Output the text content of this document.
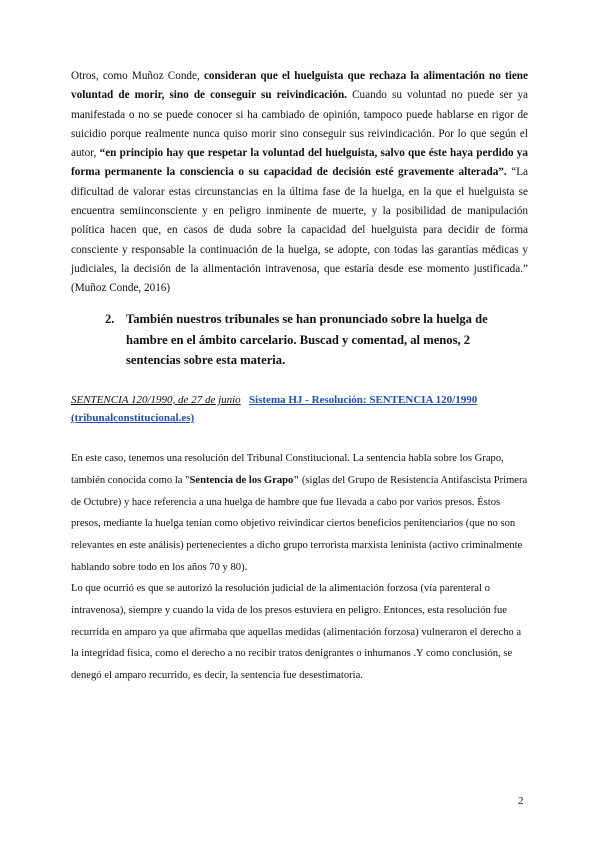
Otros, como Muñoz Conde, consideran que el huelguista que rechaza la alimentación no tiene voluntad de morir, sino de conseguir su reivindicación. Cuando su voluntad no puede ser ya manifestada o no se puede conocer si ha cambiado de opinión, tampoco puede hablarse en rigor de suicidio porque realmente nunca quiso morir sino conseguir sus reivindicación. Por lo que según el autor, “en principio hay que respetar la voluntad del huelguista, salvo que éste haya perdido ya forma permanente la consciencia o su capacidad de decisión esté gravemente alterada”. “La dificultad de valorar estas circunstancias en la última fase de la huelga, en la que el huelguista se encuentra semiinconsciente y en peligro inminente de muerte, y la posibilidad de manipulación política hacen que, en casos de duda sobre la capacidad del huelguista para decidir de forma consciente y responsable la continuación de la huelga, se adopte, con todas las garantías médicas y judiciales, la decisión de la alimentación intravenosa, que estaría desde ese momento justificada.” (Muñoz Conde, 2016)

2. También nuestros tribunales se han pronunciado sobre la huelga de hambre en el ámbito carcelario. Buscad y comentad, al menos, 2 sentencias sobre esta materia.

SENTENCIA 120/1990, de 27 de junio Sistema HJ - Resolución: SENTENCIA 120/1990 (tribunalconstitucional.es)

En este caso, tenemos una resolución del Tribunal Constitucional. La sentencia habla sobre los Grapo, también conocida como la "Sentencia de los Grapo" (siglas del Grupo de Resistencia Antifascista Primera de Octubre) y hace referencia a una huelga de hambre que fue llevada a cabo por varios presos. Éstos presos, mediante la huelga tenían como objetivo reivindicar ciertos beneficios penitenciarios (que no son relevantes en este análisis) pertenecientes a dicho grupo terrorista marxista leninista (activo criminalmente hablando sobre todo en los años 70 y 80).

Lo que ocurrió es que se autorizó la resolución judicial de la alimentación forzosa (vía parenteral o intravenosa), siempre y cuando la vida de los presos estuviera en peligro. Entonces, esta resolución fue recurrida en amparo ya que afirmaba que aquellas medidas (alimentación forzosa) vulneraron el derecho a la integridad física, como el derecho a no recibir tratos denigrantes o inhumanos .Y como conclusión, se denegó el amparo recurrido, es decir, la sentencia fue desestimatoria.

2
